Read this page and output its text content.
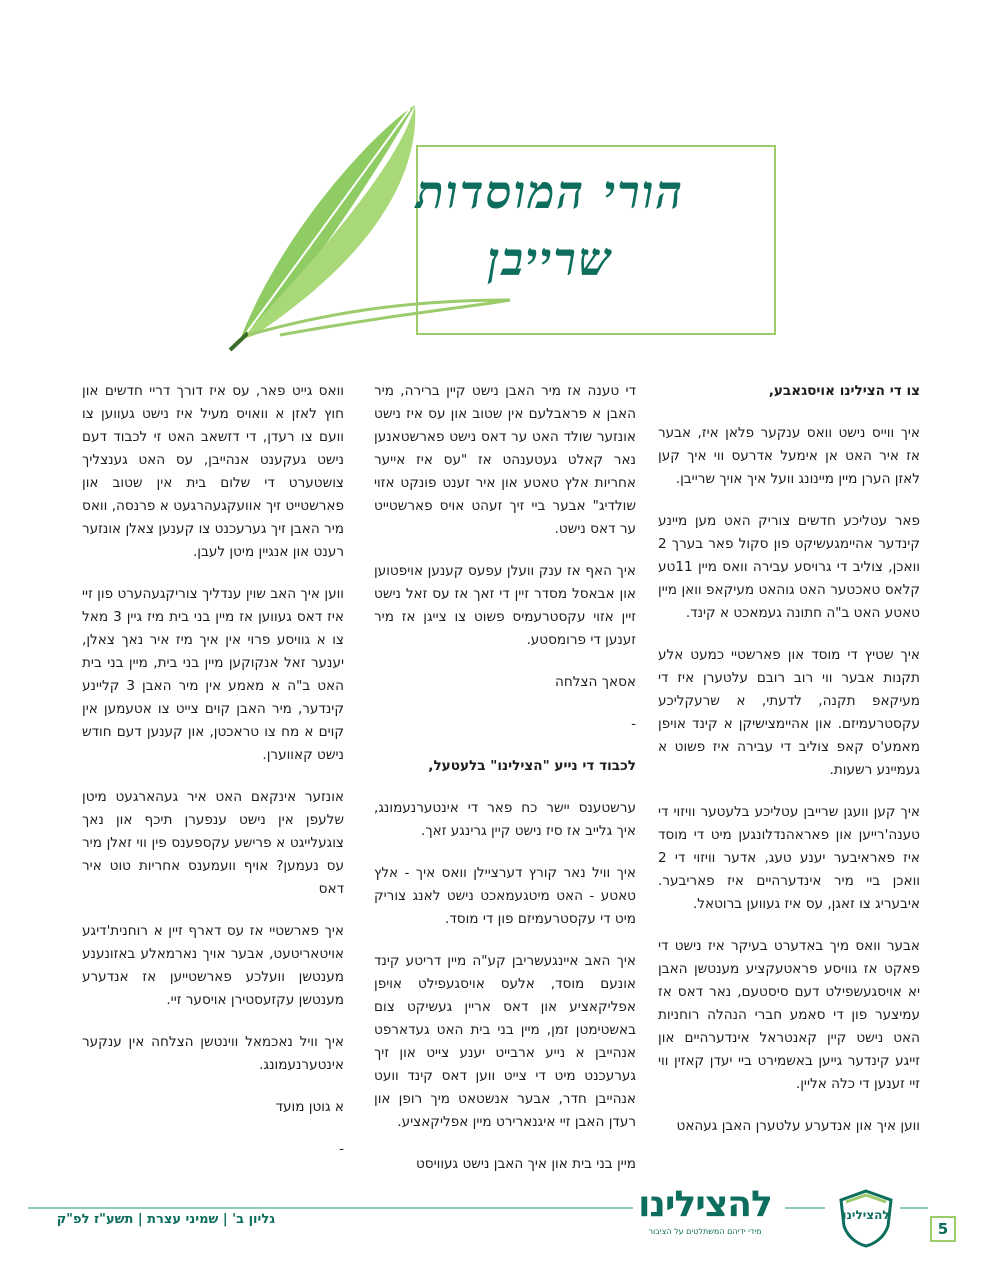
הורי המוסדות
שרייבן

צו די הצילינו אויסגאבע,

איך ווייס נישט וואס ענקער פלאן איז, אבער אז איר האט אן אימעל אדרעס ווי איך קען לאזן הערן מיין מיינונג וועל איך אויך שרייבן.

פאר עטליכע חדשים צוריק האט מען מיינע קינדער אהיימגעשיקט פון סקול פאר בערך 2 וואכן, צוליב די גרויסע עבירה וואס מיין 11טע קלאס טאכטער האט גוהאט מעיקאפ וואן מיין טאטע האט ב"ה חתונה געמאכט א קינד.

איך שטיץ די מוסד און פארשטיי כמעט אלע תקנות אבער ווי רוב רובם עלטערן איז די מעיקאפ תקנה, לדעתי, א שרעקליכע עקסטרעמיזם. און אהיימצישיקן א קינד אויפן מאמע'ס קאפ צוליב די עבירה איז פשוט א געמיינע רשעות.

איך קען וועגן שרייבן עטליכע בלעטער וויזוי די טענה'רייען און פאראהנדלונגען מיט די מוסד איז פאראיבער יענע טעג, אדער וויזוי די 2 וואכן ביי מיר אינדערהיים איז פאריבער. איבעריג צו זאגן, עס איז געווען ברוטאל.

אבער וואס מיך באדערט בעיקר איז נישט די פאקט אז גוויסע פראטעקציע מענטשן האבן יא אויסגעשפילט דעם סיסטעם, נאר דאס אז עמיצער פון די סאמע חברי הנהלה רוחניות האט נישט קיין קאנטראל אינדערהיים און זייגע קינדער גייען באשמירט ביי יעדן קאזין ווי זיי זענען די כלה אליין.

ווען איך און אנדערע עלטערן האבן געהאט

די טענה אז מיר האבן נישט קיין ברירה, מיר האבן א פראבלעם אין שטוב און עס איז נישט אונזער שולד האט ער דאס נישט פארשטאנען נאר קאלט געטענהט אז "עס איז אייער אחריות אלץ טאטע און איר זענט פונקט אזוי שולדיג" אבער ביי זיך זעהט אויס פארשטייט ער דאס נישט.

איך האף אז ענק וועלן עפעס קענען אויפטוען און אבאסל מסדר זיין די זאך אז עס זאל נישט זיין אזוי עקסטרעמיס פשוט צו צייגן אז מיר זענען די פרומסטע.

אסאך הצלחה

-

לכבוד די נייע "הצילינו" בלעטעל,

ערשטענס יישר כח פאר די אינטערנעמונג, איך גלייב אז סיז נישט קיין גרינגע זאך.

איך וויל נאר קורץ דערציילן וואס איך - אלץ טאטע - האט מיטגעמאכט נישט לאנג צוריק מיט די עקסטרעמיזם פון די מוסד.

איך האב איינגעשריבן קע"ה מיין דריטע קינד אונעם מוסד, אלעס אויסגעפילט אויפן אפליקאציע און דאס אריין געשיקט צום באשטימטן זמן, מיין בני בית האט געדארפט אנהייבן א נייע ארבייט יענע צייט און זיך גערעכנט מיט די צייט ווען דאס קינד וועט אנהייבן חדר, אבער אנשטאט מיך רופן און רעדן האבן זיי איגנארירט מיין אפליקאציע.

מיין בני בית און איך האבן נישט געוויסט

וואס גייט פאר, עס איז דורך דריי חדשים און חוץ לאזן א וואויס מעיל איז נישט געווען צו וועם צו רעדן, די דזשאב האט זי לכבוד דעם נישט געקענט אנהייבן, עס האט גענצליך צושטערט די שלום בית אין שטוב און פארשטייט זיך אוועקגעהרגעט א פרנסה, וואס מיר האבן זיך גערעכנט צו קענען צאלן אונזער רענט און אנגיין מיטן לעבן.

ווען איך האב שוין ענדליך צוריקגעהערט פון זיי איז דאס געווען אז מיין בני בית מיז גיין 3 מאל צו א גוויסע פרוי אין איך מיז איר נאך צאלן, יענער זאל אנקוקען מיין בני בית, מיין בני בית האט ב"ה א מאמע אין מיר האבן 3 קליינע קינדער, מיר האבן קוים צייט צו אטעמען אין קוים א מח צו טראכטן, און קענען דעם חודש נישט קאווערן.

אונזער אינקאם האט איר געהארגעט מיטן שלעפן אין נישט ענפערן תיכף און נאך צוגעלייגט א פרישע עקספענס פין ווי זאלן מיר עס נעמען? אויף וועמענס אחריות טוט איר דאס

איך פארשטיי אז עס דארף זיין א רוחנית'דיגע אויטאריטעט, אבער אויך נארמאלע באזונענע מענטשן וועלכע פארשטייען אז אנדערע מענטשן עקזעסטירן אויסער זיי.

איך וויל נאכמאל ווינטשן הצלחה אין ענקער אינטערנעמונג.

א גוטן מועד

-

גליון ב' | שמיני עצרת | תשע"ז לפ"ק	להצילינו
מידי ידיהם המשתלטים על הציבור
להצילינו
5
